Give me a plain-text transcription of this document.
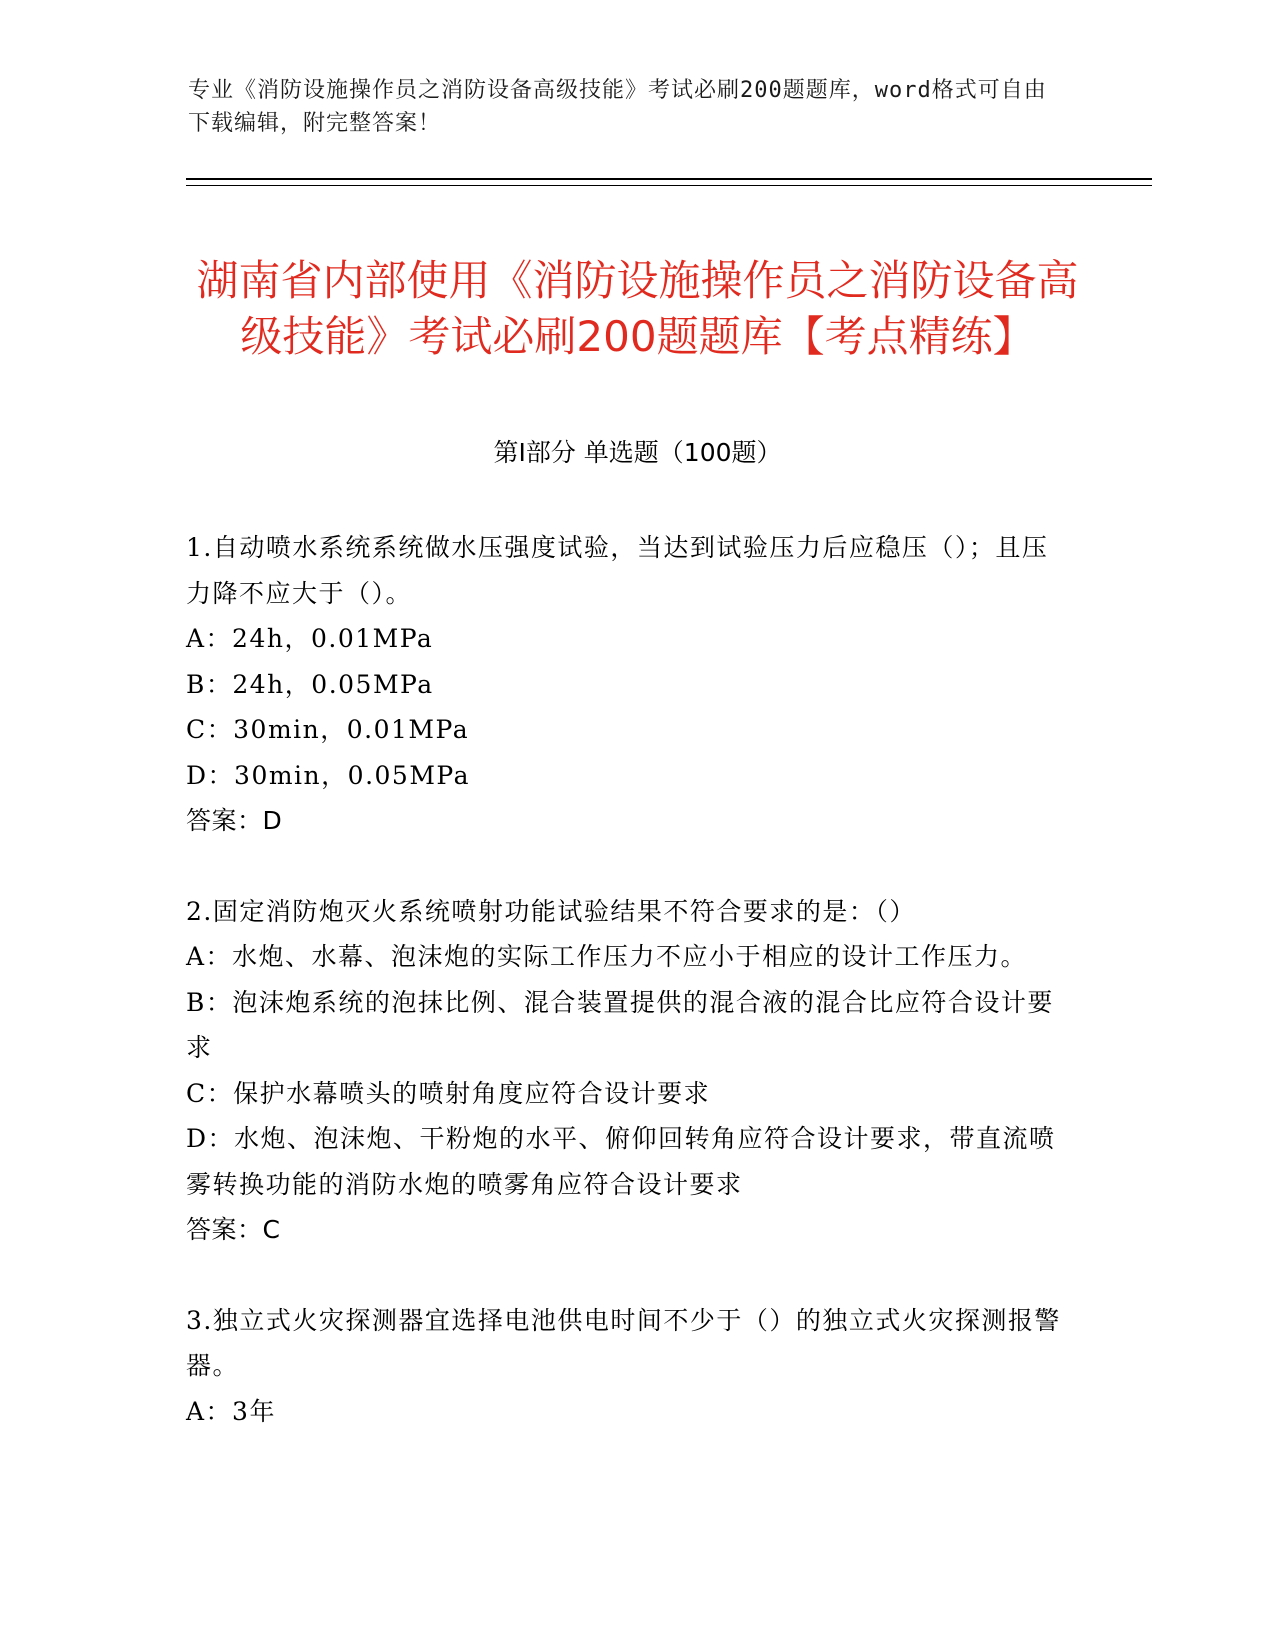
专业《消防设施操作员之消防设备高级技能》考试必刷200题题库，word格式可自由下载编辑，附完整答案！
湖南省内部使用《消防设施操作员之消防设备高级技能》考试必刷200题题库【考点精练】
第Ⅰ部分 单选题（100题）

1.自动喷水系统系统做水压强度试验，当达到试验压力后应稳压（）；且压力降不应大于（）。

A：24h，0.01MPa

B：24h，0.05MPa

C：30min，0.01MPa

D：30min，0.05MPa

答案：D

2.固定消防炮灭火系统喷射功能试验结果不符合要求的是：（）

A：水炮、水幕、泡沫炮的实际工作压力不应小于相应的设计工作压力。

B：泡沫炮系统的泡抹比例、混合装置提供的混合液的混合比应符合设计要求

C：保护水幕喷头的喷射角度应符合设计要求

D：水炮、泡沫炮、干粉炮的水平、俯仰回转角应符合设计要求，带直流喷雾转换功能的消防水炮的喷雾角应符合设计要求

答案：C

3.独立式火灾探测器宜选择电池供电时间不少于（）的独立式火灾探测报警器。

A：3年
